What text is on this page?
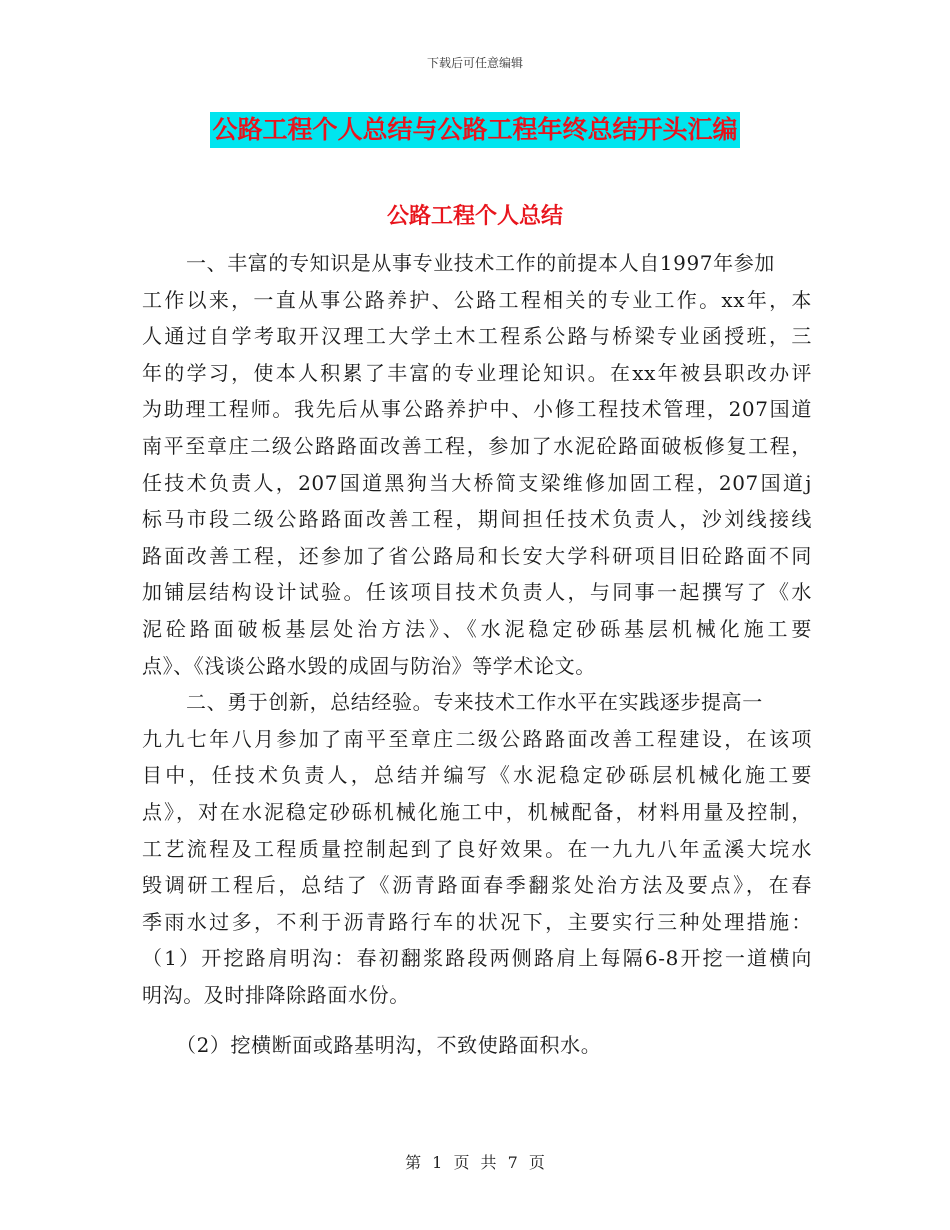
下载后可任意编辑
公路工程个人总结与公路工程年终总结开头汇编
公路工程个人总结
一、丰富的专知识是从事专业技术工作的前提本人自1997年参加
工作以来，一直从事公路养护、公路工程相关的专业工作。xx年，本
人通过自学考取开汉理工大学土木工程系公路与桥梁专业函授班，三
年的学习，使本人积累了丰富的专业理论知识。在xx年被县职改办评
为助理工程师。我先后从事公路养护中、小修工程技术管理，207国道
南平至章庄二级公路路面改善工程，参加了水泥砼路面破板修复工程，
任技术负责人，207国道黑狗当大桥简支梁维修加固工程，207国道j
标马市段二级公路路面改善工程，期间担任技术负责人，沙刘线接线
路面改善工程，还参加了省公路局和长安大学科研项目旧砼路面不同
加铺层结构设计试验。任该项目技术负责人，与同事一起撰写了《水
泥砼路面破板基层处治方法》、《水泥稳定砂砾基层机械化施工要
点》、《浅谈公路水毁的成固与防治》等学术论文。
二、勇于创新，总结经验。专来技术工作水平在实践逐步提高一
九九七年八月参加了南平至章庄二级公路路面改善工程建设，在该项
目中，任技术负责人，总结并编写《水泥稳定砂砾层机械化施工要
点》，对在水泥稳定砂砾机械化施工中，机械配备，材料用量及控制，
工艺流程及工程质量控制起到了良好效果。在一九九八年孟溪大垸水
毁调研工程后，总结了《沥青路面春季翻浆处治方法及要点》，在春
季雨水过多，不利于沥青路行车的状况下，主要实行三种处理措施：
（1）开挖路肩明沟：春初翻浆路段两侧路肩上每隔6-8开挖一道横向
明沟。及时排降除路面水份。
（2）挖横断面或路基明沟，不致使路面积水。
第 1 页 共 7 页
